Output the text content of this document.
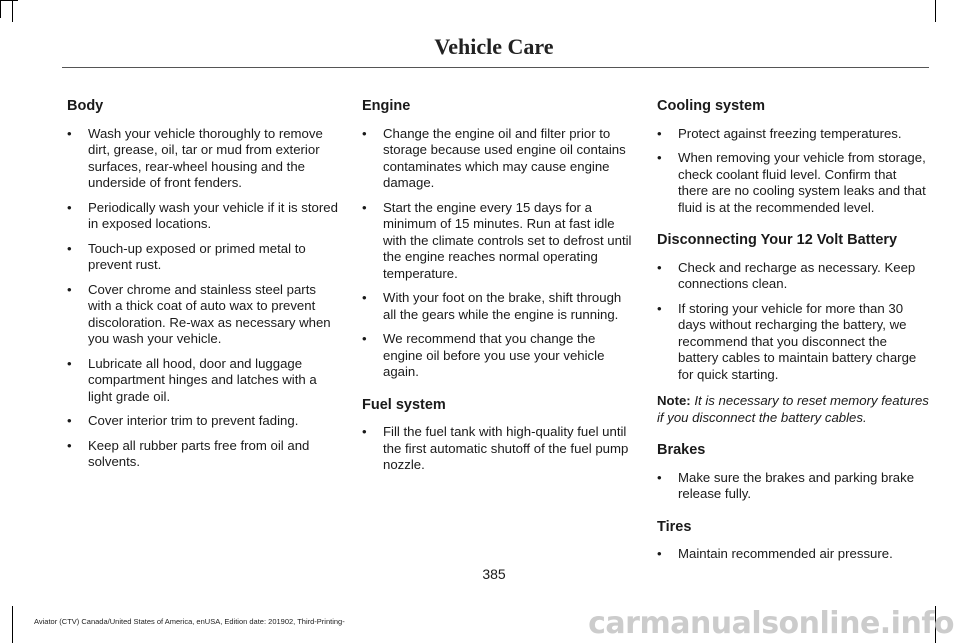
Vehicle Care
Body
• Wash your vehicle thoroughly to remove dirt, grease, oil, tar or mud from exterior surfaces, rear-wheel housing and the underside of front fenders.
• Periodically wash your vehicle if it is stored in exposed locations.
• Touch-up exposed or primed metal to prevent rust.
• Cover chrome and stainless steel parts with a thick coat of auto wax to prevent discoloration. Re-wax as necessary when you wash your vehicle.
• Lubricate all hood, door and luggage compartment hinges and latches with a light grade oil.
• Cover interior trim to prevent fading.
• Keep all rubber parts free from oil and solvents.
Engine
• Change the engine oil and filter prior to storage because used engine oil contains contaminates which may cause engine damage.
• Start the engine every 15 days for a minimum of 15 minutes. Run at fast idle with the climate controls set to defrost until the engine reaches normal operating temperature.
• With your foot on the brake, shift through all the gears while the engine is running.
• We recommend that you change the engine oil before you use your vehicle again.
Fuel system
• Fill the fuel tank with high-quality fuel until the first automatic shutoff of the fuel pump nozzle.
Cooling system
• Protect against freezing temperatures.
• When removing your vehicle from storage, check coolant fluid level. Confirm that there are no cooling system leaks and that fluid is at the recommended level.
Disconnecting Your 12 Volt Battery
• Check and recharge as necessary. Keep connections clean.
• If storing your vehicle for more than 30 days without recharging the battery, we recommend that you disconnect the battery cables to maintain battery charge for quick starting.
Note: It is necessary to reset memory features if you disconnect the battery cables.
Brakes
• Make sure the brakes and parking brake release fully.
Tires
• Maintain recommended air pressure.
385
Aviator (CTV) Canada/United States of America, enUSA, Edition date: 201902, Third-Printing-	carmanualsonline.info
